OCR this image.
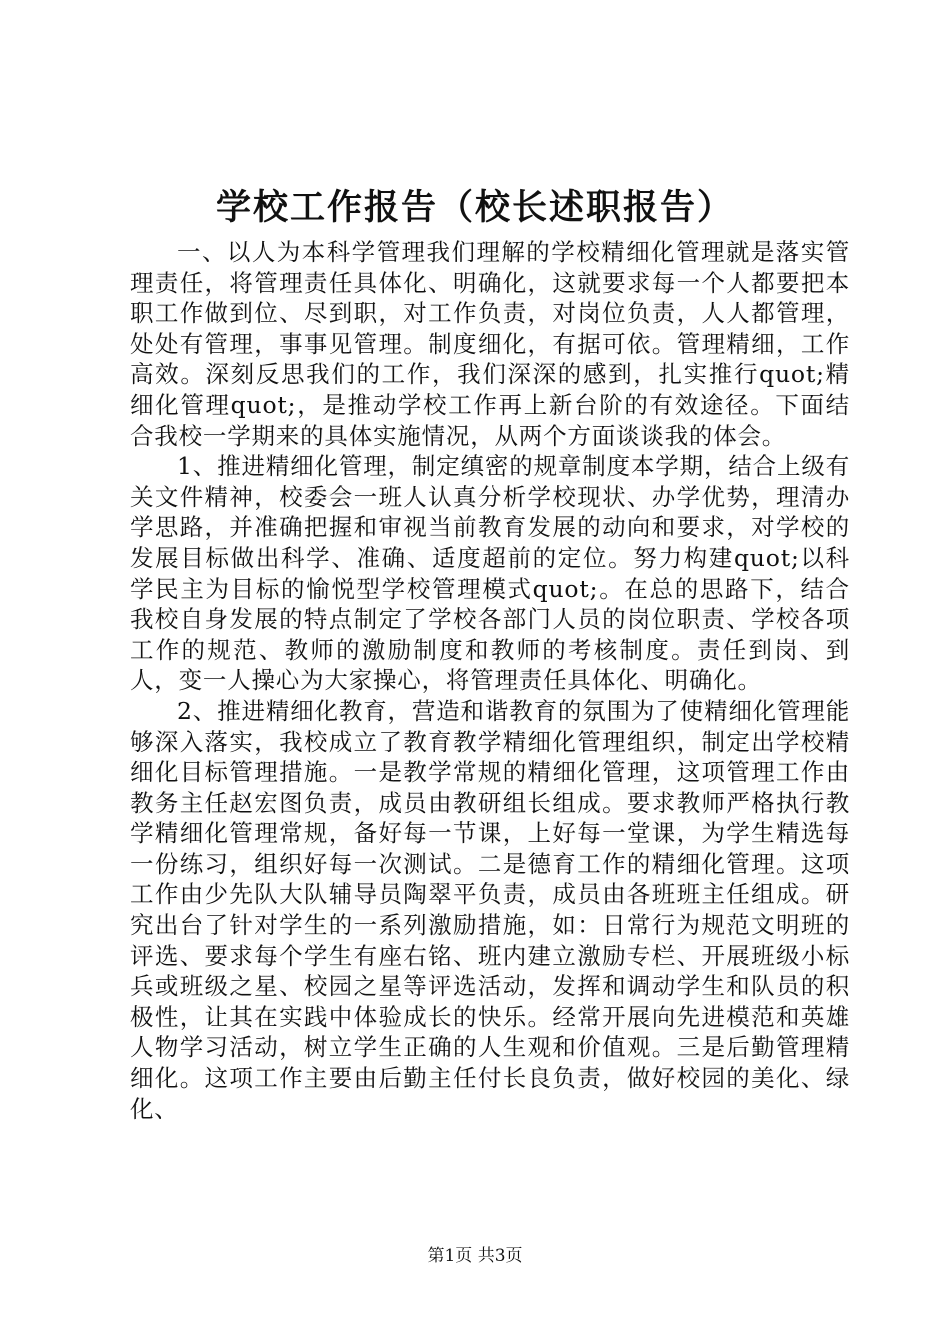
学校工作报告（校长述职报告）

一、以人为本科学管理我们理解的学校精细化管理就是落实管理责任，将管理责任具体化、明确化，这就要求每一个人都要把本职工作做到位、尽到职，对工作负责，对岗位负责，人人都管理，处处有管理，事事见管理。制度细化，有据可依。管理精细，工作高效。深刻反思我们的工作，我们深深的感到，扎实推行quot;精细化管理quot;，是推动学校工作再上新台阶的有效途径。下面结合我校一学期来的具体实施情况，从两个方面谈谈我的体会。

1、推进精细化管理，制定缜密的规章制度本学期，结合上级有关文件精神，校委会一班人认真分析学校现状、办学优势，理清办学思路，并准确把握和审视当前教育发展的动向和要求，对学校的发展目标做出科学、准确、适度超前的定位。努力构建quot;以科学民主为目标的愉悦型学校管理模式quot;。在总的思路下，结合我校自身发展的特点制定了学校各部门人员的岗位职责、学校各项工作的规范、教师的激励制度和教师的考核制度。责任到岗、到人，变一人操心为大家操心，将管理责任具体化、明确化。

2、推进精细化教育，营造和谐教育的氛围为了使精细化管理能够深入落实，我校成立了教育教学精细化管理组织，制定出学校精细化目标管理措施。一是教学常规的精细化管理，这项管理工作由教务主任赵宏图负责，成员由教研组长组成。要求教师严格执行教学精细化管理常规，备好每一节课，上好每一堂课，为学生精选每一份练习，组织好每一次测试。二是德育工作的精细化管理。这项工作由少先队大队辅导员陶翠平负责，成员由各班班主任组成。研究出台了针对学生的一系列激励措施，如：日常行为规范文明班的评选、要求每个学生有座右铭、班内建立激励专栏、开展班级小标兵或班级之星、校园之星等评选活动，发挥和调动学生和队员的积极性，让其在实践中体验成长的快乐。经常开展向先进模范和英雄人物学习活动，树立学生正确的人生观和价值观。三是后勤管理精细化。这项工作主要由后勤主任付长良负责，做好校园的美化、绿化、

第1页 共3页
